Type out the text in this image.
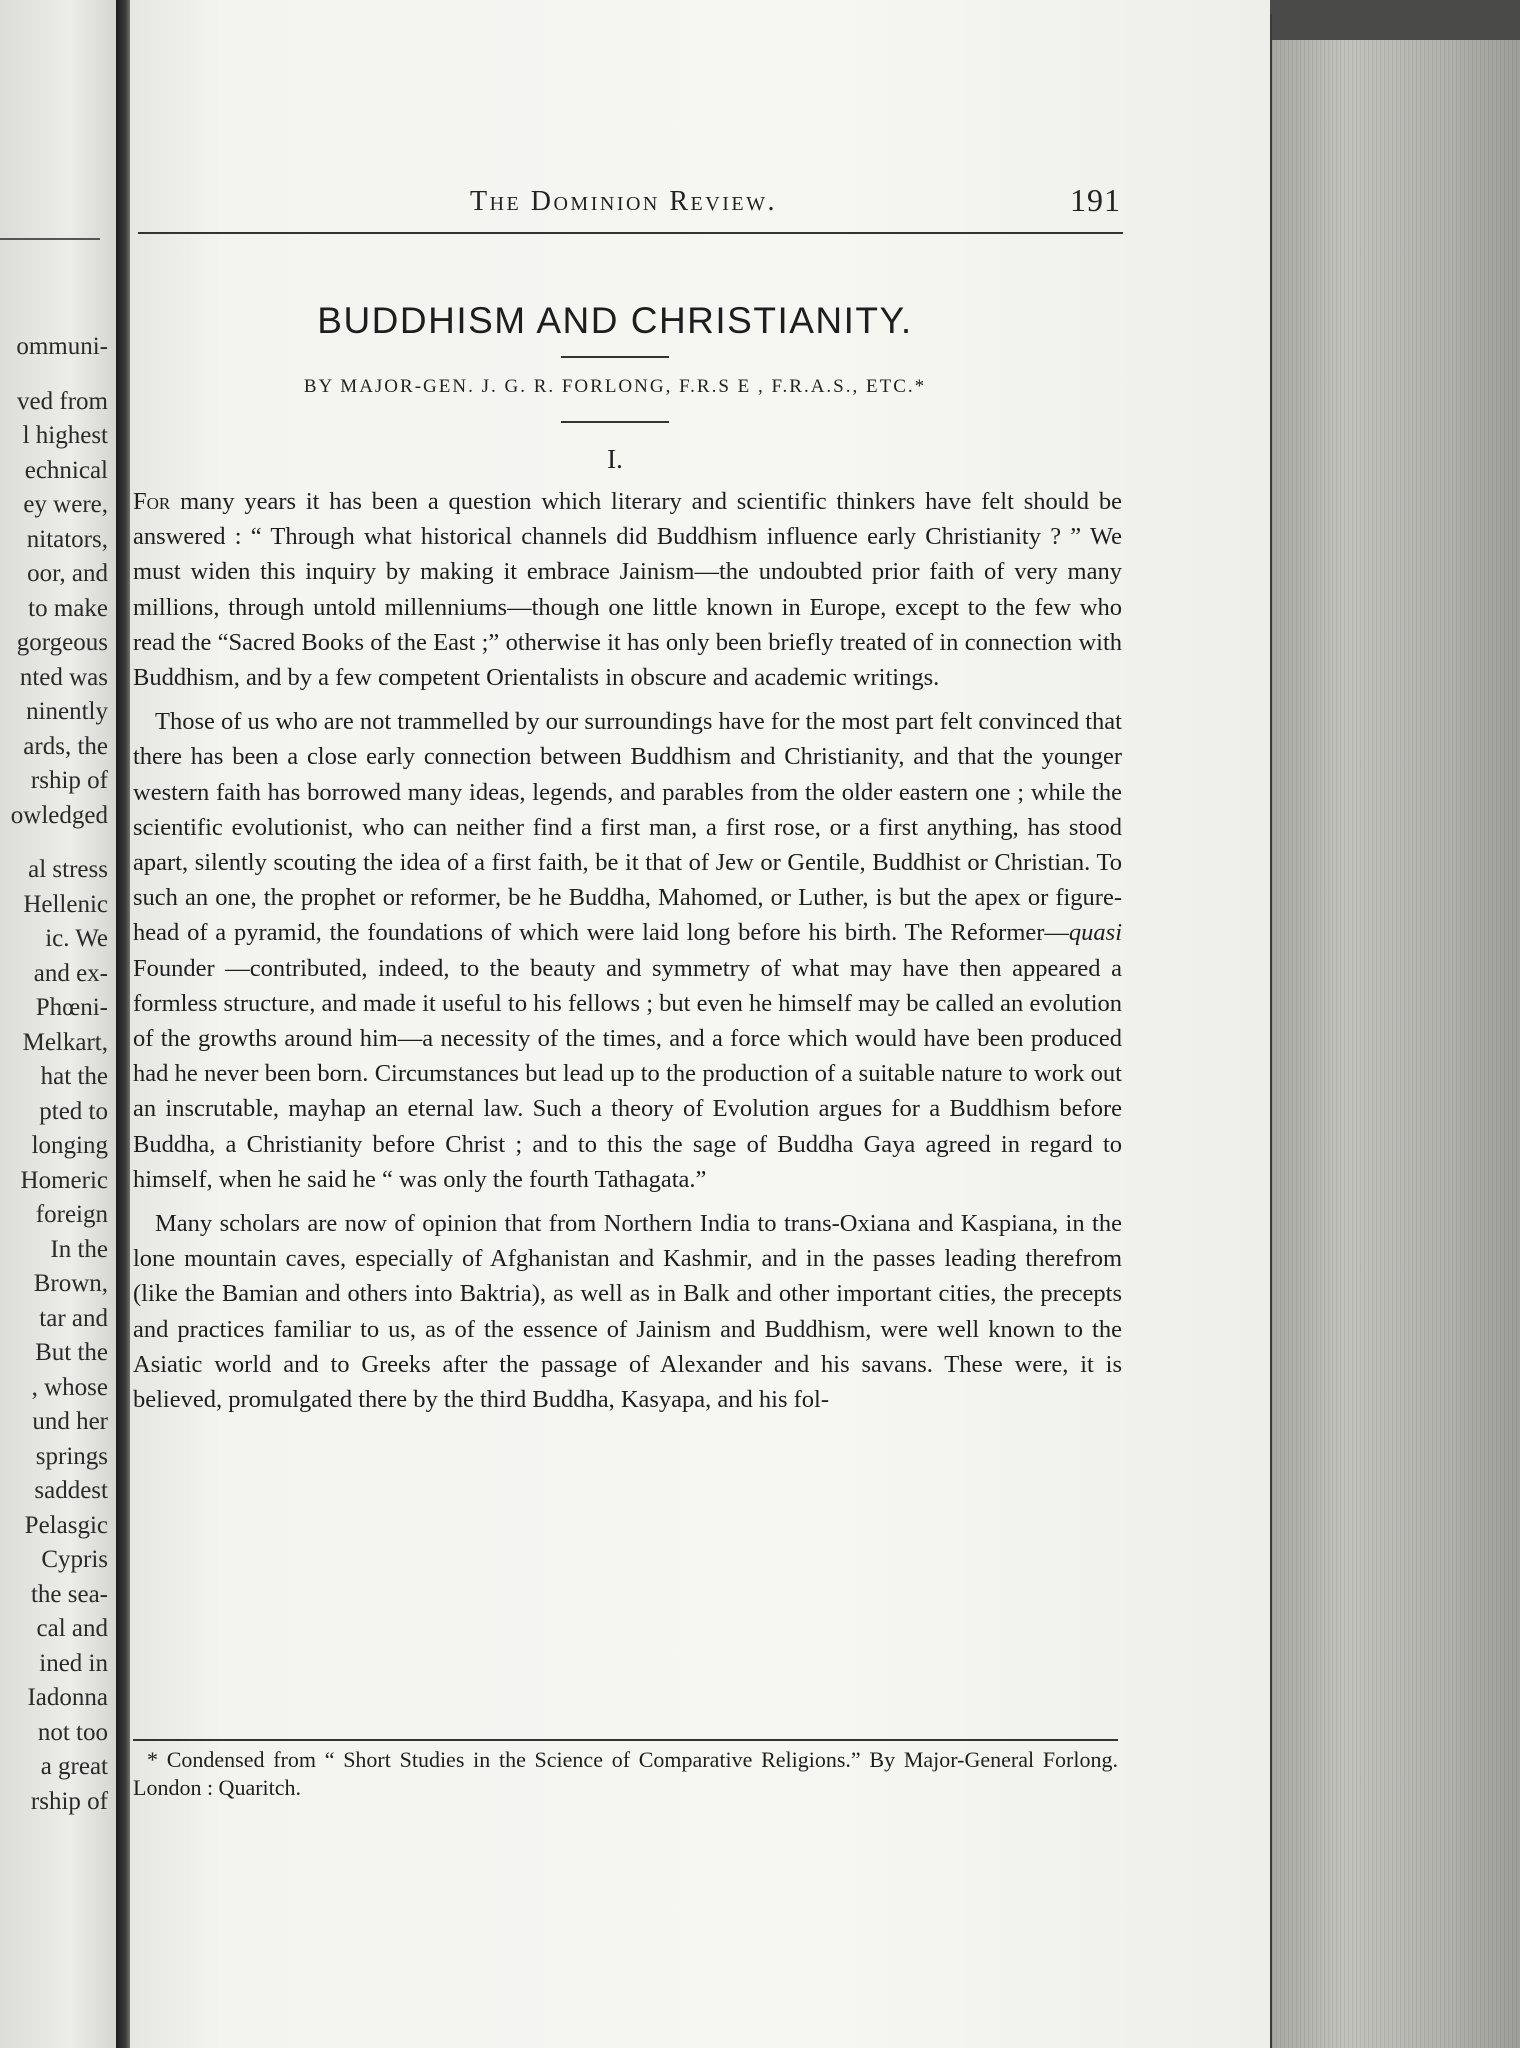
ommuni-
ved from
l highest
echnical
ey were,
nitators,
oor, and
to make
gorgeous
nted was
ninently
ards, the
rship of
owledged
al stress
Hellenic
ic. We
and ex-
Phœni-
Melkart,
hat the
pted to
longing
Homeric
foreign
In the
Brown,
tar and
But the
, whose
und her
springs
saddest
Pelasgic
Cypris
the sea-
cal and
ined in
Iadonna
not too
a great
rship of
The Dominion Review.	191
BUDDHISM AND CHRISTIANITY.
BY MAJOR-GEN. J. G. R. FORLONG, F.R.S E , F.R.A.S., ETC.*
I.

For many years it has been a question which literary and scientific thinkers have felt should be answered : “ Through what historical channels did Buddhism influence early Christianity ? ” We must widen this inquiry by making it embrace Jainism—the undoubted prior faith of very many millions, through untold millenniums—though one little known in Europe, except to the few who read the “Sacred Books of the East ;” otherwise it has only been briefly treated of in connection with Buddhism, and by a few competent Orientalists in obscure and academic writings.

Those of us who are not trammelled by our surroundings have for the most part felt convinced that there has been a close early connection between Buddhism and Christianity, and that the younger western faith has borrowed many ideas, legends, and parables from the older eastern one ; while the scientific evolutionist, who can neither find a first man, a first rose, or a first anything, has stood apart, silently scouting the idea of a first faith, be it that of Jew or Gentile, Buddhist or Christian. To such an one, the prophet or reformer, be he Buddha, Mahomed, or Luther, is but the apex or figure-head of a pyramid, the foundations of which were laid long before his birth. The Reformer—quasi Founder —contributed, indeed, to the beauty and symmetry of what may have then appeared a formless structure, and made it useful to his fellows ; but even he himself may be called an evolution of the growths around him—a necessity of the times, and a force which would have been produced had he never been born. Circumstances but lead up to the production of a suitable nature to work out an inscrutable, mayhap an eternal law. Such a theory of Evolution argues for a Buddhism before Buddha, a Christianity before Christ ; and to this the sage of Buddha Gaya agreed in regard to himself, when he said he “ was only the fourth Tathagata.”

Many scholars are now of opinion that from Northern India to trans-Oxiana and Kaspiana, in the lone mountain caves, especially of Afghanistan and Kashmir, and in the passes leading therefrom (like the Bamian and others into Baktria), as well as in Balk and other important cities, the precepts and practices familiar to us, as of the essence of Jainism and Buddhism, were well known to the Asiatic world and to Greeks after the passage of Alexander and his savans. These were, it is believed, promulgated there by the third Buddha, Kasyapa, and his fol-

* Condensed from “ Short Studies in the Science of Comparative Religions.” By Major-General Forlong. London : Quaritch.
